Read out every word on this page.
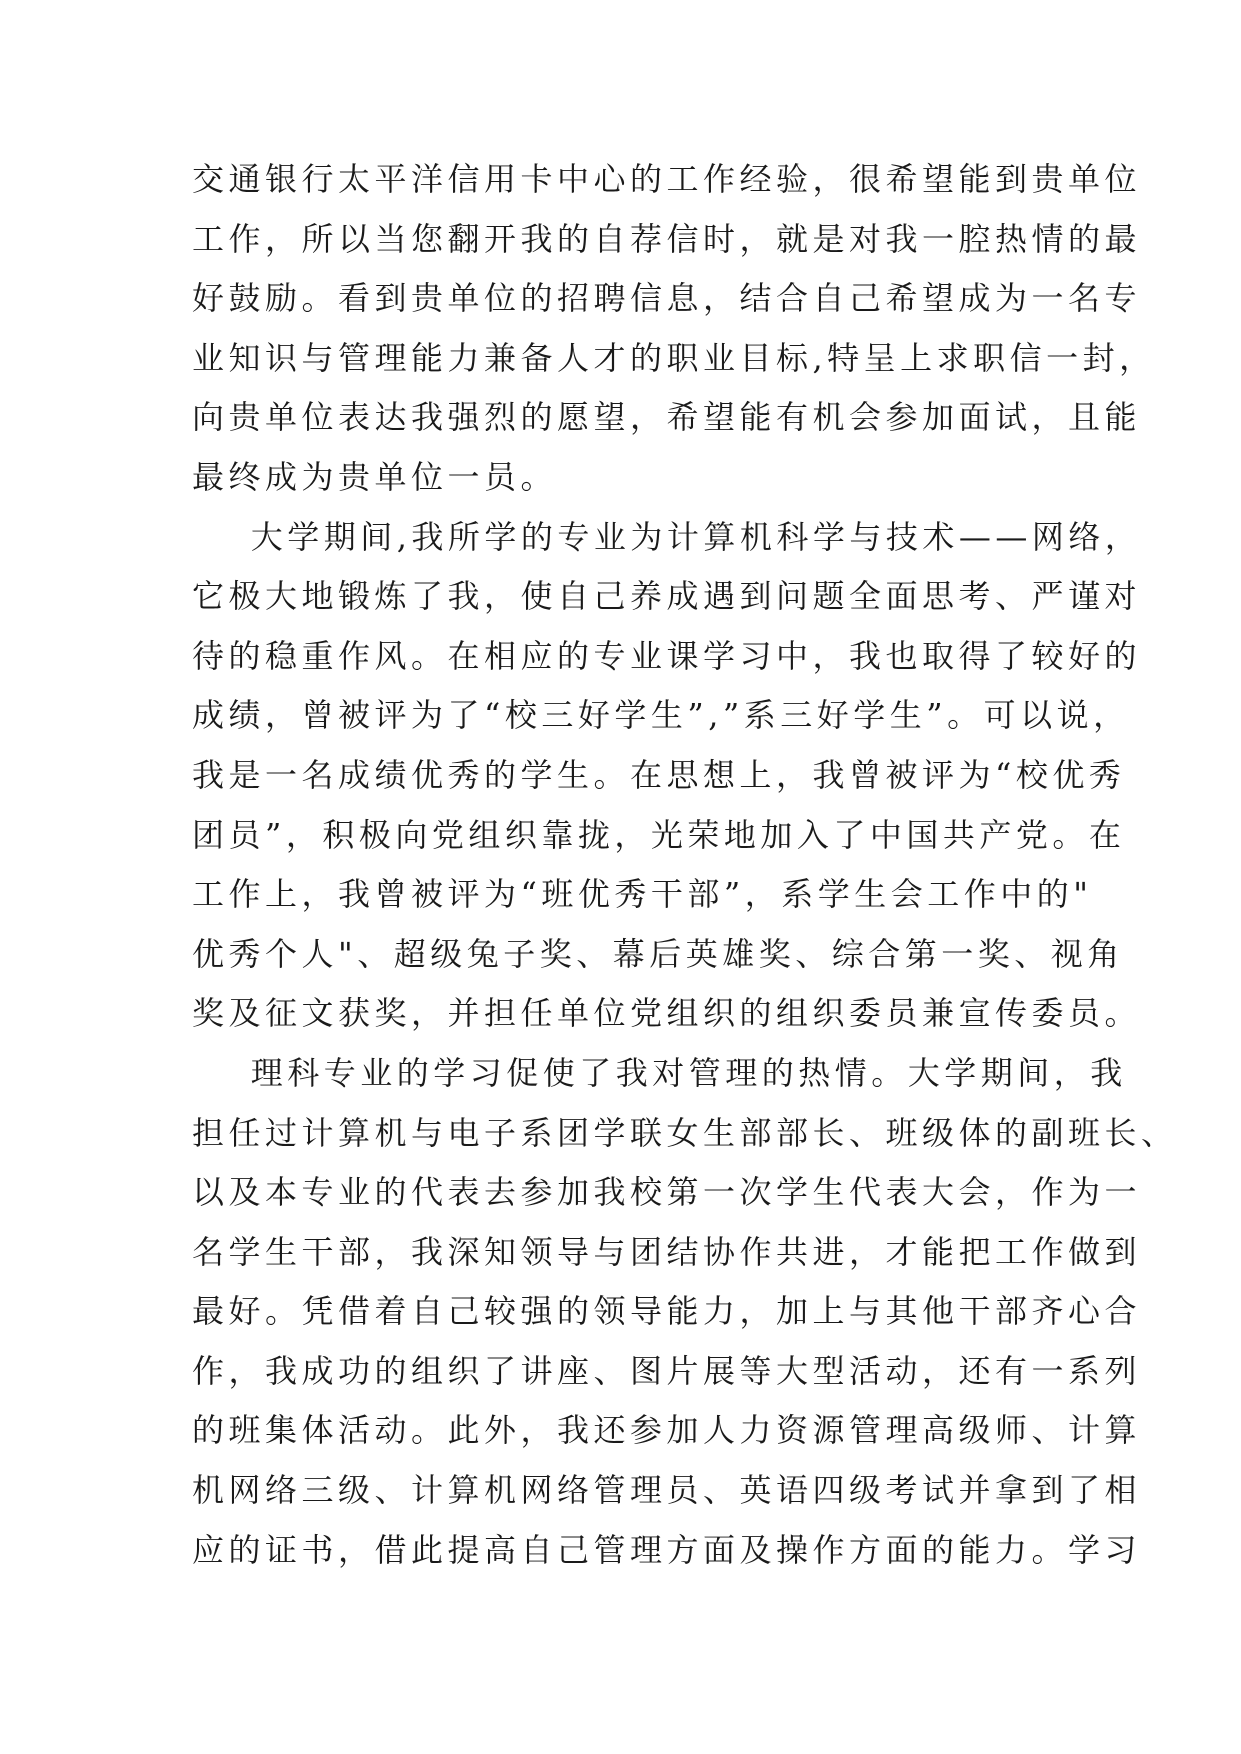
交通银行太平洋信用卡中心的工作经验，很希望能到贵单位
工作，所以当您翻开我的自荐信时，就是对我一腔热情的最
好鼓励。看到贵单位的招聘信息，结合自己希望成为一名专
业知识与管理能力兼备人才的职业目标,特呈上求职信一封，
向贵单位表达我强烈的愿望，希望能有机会参加面试，且能
最终成为贵单位一员。
大学期间,我所学的专业为计算机科学与技术——网络，
它极大地锻炼了我，使自己养成遇到问题全面思考、严谨对
待的稳重作风。在相应的专业课学习中，我也取得了较好的
成绩，曾被评为了“校三好学生”,”系三好学生”。可以说，
我是一名成绩优秀的学生。在思想上，我曾被评为“校优秀
团员”，积极向党组织靠拢，光荣地加入了中国共产党。在
工作上，我曾被评为“班优秀干部”，系学生会工作中的"
优秀个人"、超级兔子奖、幕后英雄奖、综合第一奖、视角
奖及征文获奖，并担任单位党组织的组织委员兼宣传委员。
理科专业的学习促使了我对管理的热情。大学期间，我
担任过计算机与电子系团学联女生部部长、班级体的副班长、
以及本专业的代表去参加我校第一次学生代表大会，作为一
名学生干部，我深知领导与团结协作共进，才能把工作做到
最好。凭借着自己较强的领导能力，加上与其他干部齐心合
作，我成功的组织了讲座、图片展等大型活动，还有一系列
的班集体活动。此外，我还参加人力资源管理高级师、计算
机网络三级、计算机网络管理员、英语四级考试并拿到了相
应的证书，借此提高自己管理方面及操作方面的能力。学习
